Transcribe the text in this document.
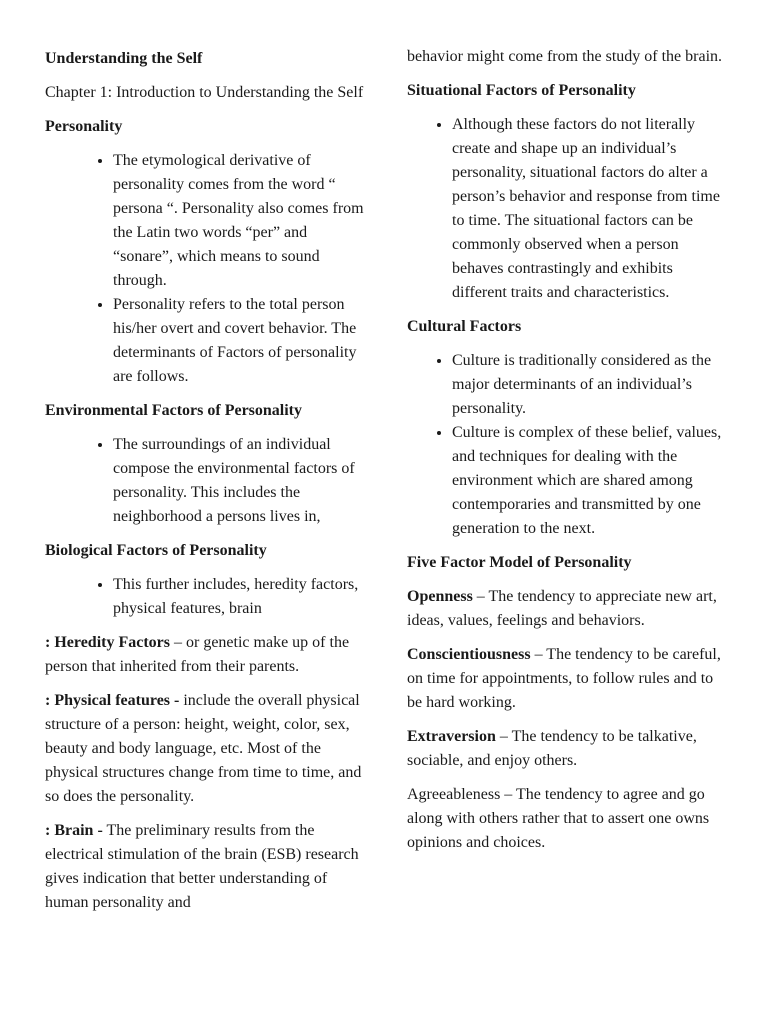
Understanding the Self

Chapter 1: Introduction to Understanding the Self

Personality

• The etymological derivative of personality comes from the word “ persona “. Personality also comes from the Latin two words “per” and “sonare”, which means to sound through.
• Personality refers to the total person his/her overt and covert behavior. The determinants of Factors of personality are follows.

Environmental Factors of Personality

• The surroundings of an individual compose the environmental factors of personality. This includes the neighborhood a persons lives in,

Biological Factors of Personality

• This further includes, heredity factors, physical features, brain

: Heredity Factors – or genetic make up of the person that inherited from their parents.

: Physical features - include the overall physical structure of a person: height, weight, color, sex, beauty and body language, etc. Most of the physical structures change from time to time, and so does the personality.

: Brain - The preliminary results from the electrical stimulation of the brain (ESB) research gives indication that better understanding of human personality and

behavior might come from the study of the brain.

Situational Factors of Personality

• Although these factors do not literally create and shape up an individual’s personality, situational factors do alter a person’s behavior and response from time to time. The situational factors can be commonly observed when a person behaves contrastingly and exhibits different traits and characteristics.

Cultural Factors

• Culture is traditionally considered as the major determinants of an individual’s personality.
• Culture is complex of these belief, values, and techniques for dealing with the environment which are shared among contemporaries and transmitted by one generation to the next.

Five Factor Model of Personality

Openness – The tendency to appreciate new art, ideas, values, feelings and behaviors.

Conscientiousness – The tendency to be careful, on time for appointments, to follow rules and to be hard working.

Extraversion – The tendency to be talkative, sociable, and enjoy others.

Agreeableness – The tendency to agree and go along with others rather that to assert one owns opinions and choices.
